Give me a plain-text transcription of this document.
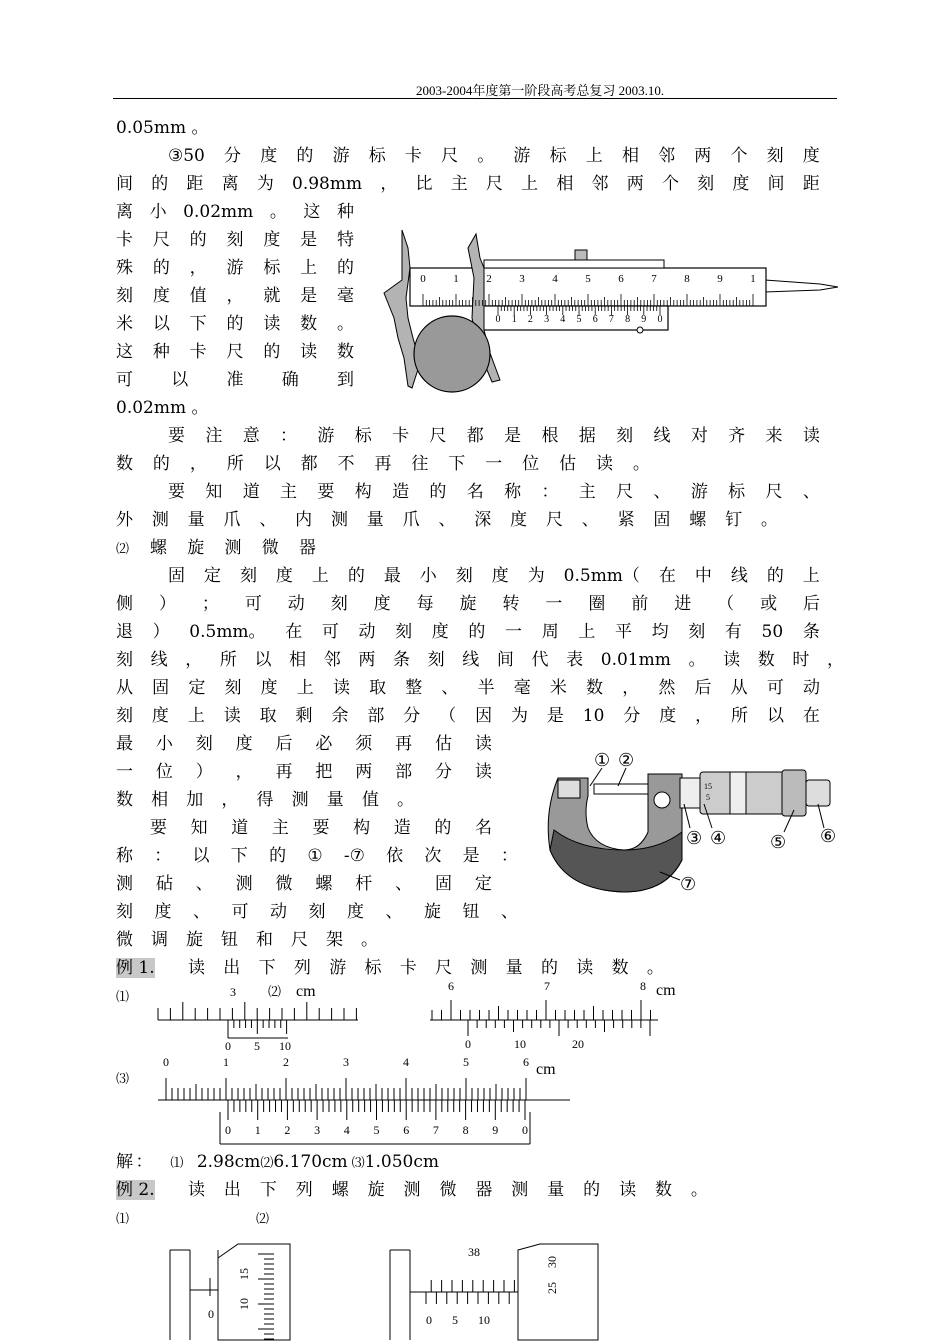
2003-2004年度第一阶段高考总复习 2003.10.
0.05mm 。
③50 分 度 的 游 标 卡 尺 。 游 标 上 相 邻 两 个 刻 度
间 的 距 离 为 0.98mm ， 比 主 尺 上 相 邻 两 个 刻 度 间 距
离 小 0.02mm 。 这 种
卡 尺 的 刻 度 是 特
殊 的 ， 游 标 上 的
刻 度 值 ， 就 是 毫
米 以 下 的 读 数 。
这 种 卡 尺 的 读 数
可 以 准 确 到
0.02mm 。
0	1	2	3	4	5	6	7	8	9	1
0 1 2 3 4 5 6 7 8 9 0
要 注 意 ： 游 标 卡 尺 都 是 根 据 刻 线 对 齐 来 读
数 的 ， 所 以 都 不 再 往 下 一 位 估 读 。
要 知 道 主 要 构 造 的 名 称 ： 主 尺 、 游 标 尺 、
外 测 量 爪 、 内 测 量 爪 、 深 度 尺 、 紧 固 螺 钉 。
⑵ 螺 旋 测 微 器
固 定 刻 度 上 的 最 小 刻 度 为 0.5mm（ 在 中 线 的 上
侧 ） ； 可 动 刻 度 每 旋 转 一 圈 前 进 （ 或 后
退 ） 0.5mm。 在 可 动 刻 度 的 一 周 上 平 均 刻 有 50 条
刻 线 ， 所 以 相 邻 两 条 刻 线 间 代 表 0.01mm 。 读 数 时 ，
从 固 定 刻 度 上 读 取 整 、 半 毫 米 数 ， 然 后 从 可 动
刻 度 上 读 取 剩 余 部 分 （ 因 为 是 10 分 度 ， 所 以 在
最 小 刻 度 后 必 须 再 估 读
一 位 ） ， 再 把 两 部 分 读
数 相 加 ， 得 测 量 值 。
要 知 道 主 要 构 造 的 名
称 ： 以 下 的 ① -⑦ 依 次 是 ：
测 砧 、 测 微 螺 杆 、 固 定
刻 度 、 可 动 刻 度 、 旋 钮 、
微 调 旋 钮 和 尺 架 。
15
5
① ②
③ ④ ⑤ ⑥
⑦
例 1. 读 出 下 列 游 标 卡 尺 测 量 的 读 数 。
⑴
⑶
3
0 5 10
6	7	8
0	10	20
⑵ cm	cm
0	1	2	3	4	5	6
0 1 2 3 4 5 6 7 8 9 0
cm
解 ： ⑴ 2.98cm⑵6.170cm ⑶1.050cm
例 2. 读 出 下 列 螺 旋 测 微 器 测 量 的 读 数 。
⑴	⑵
0
15
10
38
0 5 10
30
25
